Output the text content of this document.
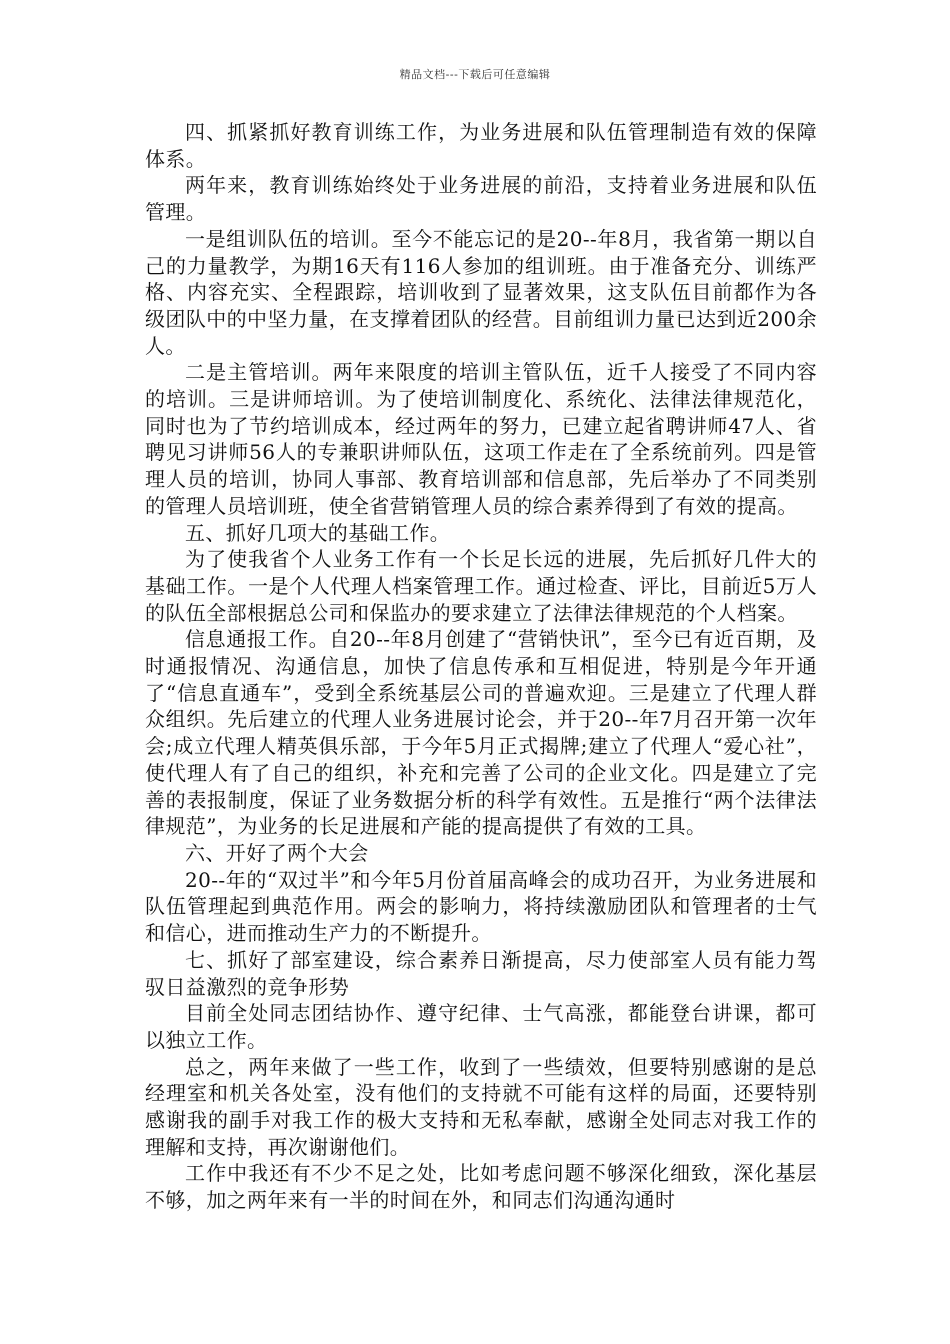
精品文档---下载后可任意编辑

四、抓紧抓好教育训练工作，为业务进展和队伍管理制造有效的保障体系。

两年来，教育训练始终处于业务进展的前沿，支持着业务进展和队伍管理。

一是组训队伍的培训。至今不能忘记的是20--年8月，我省第一期以自己的力量教学，为期16天有116人参加的组训班。由于准备充分、训练严格、内容充实、全程跟踪，培训收到了显著效果，这支队伍目前都作为各级团队中的中坚力量，在支撑着团队的经营。目前组训力量已达到近200余人。

二是主管培训。两年来限度的培训主管队伍，近千人接受了不同内容的培训。三是讲师培训。为了使培训制度化、系统化、法律法律规范化，同时也为了节约培训成本，经过两年的努力，已建立起省聘讲师47人、省聘见习讲师56人的专兼职讲师队伍，这项工作走在了全系统前列。四是管理人员的培训，协同人事部、教育培训部和信息部，先后举办了不同类别的管理人员培训班，使全省营销管理人员的综合素养得到了有效的提高。

五、抓好几项大的基础工作。

为了使我省个人业务工作有一个长足长远的进展，先后抓好几件大的基础工作。一是个人代理人档案管理工作。通过检查、评比，目前近5万人的队伍全部根据总公司和保监办的要求建立了法律法律规范的个人档案。

信息通报工作。自20--年8月创建了“营销快讯”，至今已有近百期，及时通报情况、沟通信息，加快了信息传承和互相促进，特别是今年开通了“信息直通车”，受到全系统基层公司的普遍欢迎。三是建立了代理人群众组织。先后建立的代理人业务进展讨论会，并于20--年7月召开第一次年会;成立代理人精英俱乐部，于今年5月正式揭牌;建立了代理人“爱心社”，使代理人有了自己的组织，补充和完善了公司的企业文化。四是建立了完善的表报制度，保证了业务数据分析的科学有效性。五是推行“两个法律法律规范”，为业务的长足进展和产能的提高提供了有效的工具。

六、开好了两个大会

20--年的“双过半”和今年5月份首届高峰会的成功召开，为业务进展和队伍管理起到典范作用。两会的影响力，将持续激励团队和管理者的士气和信心，进而推动生产力的不断提升。

七、抓好了部室建设，综合素养日渐提高，尽力使部室人员有能力驾驭日益激烈的竞争形势

目前全处同志团结协作、遵守纪律、士气高涨，都能登台讲课，都可以独立工作。

总之，两年来做了一些工作，收到了一些绩效，但要特别感谢的是总经理室和机关各处室，没有他们的支持就不可能有这样的局面，还要特别感谢我的副手对我工作的极大支持和无私奉献，感谢全处同志对我工作的理解和支持，再次谢谢他们。

工作中我还有不少不足之处，比如考虑问题不够深化细致，深化基层不够，加之两年来有一半的时间在外，和同志们沟通沟通时
